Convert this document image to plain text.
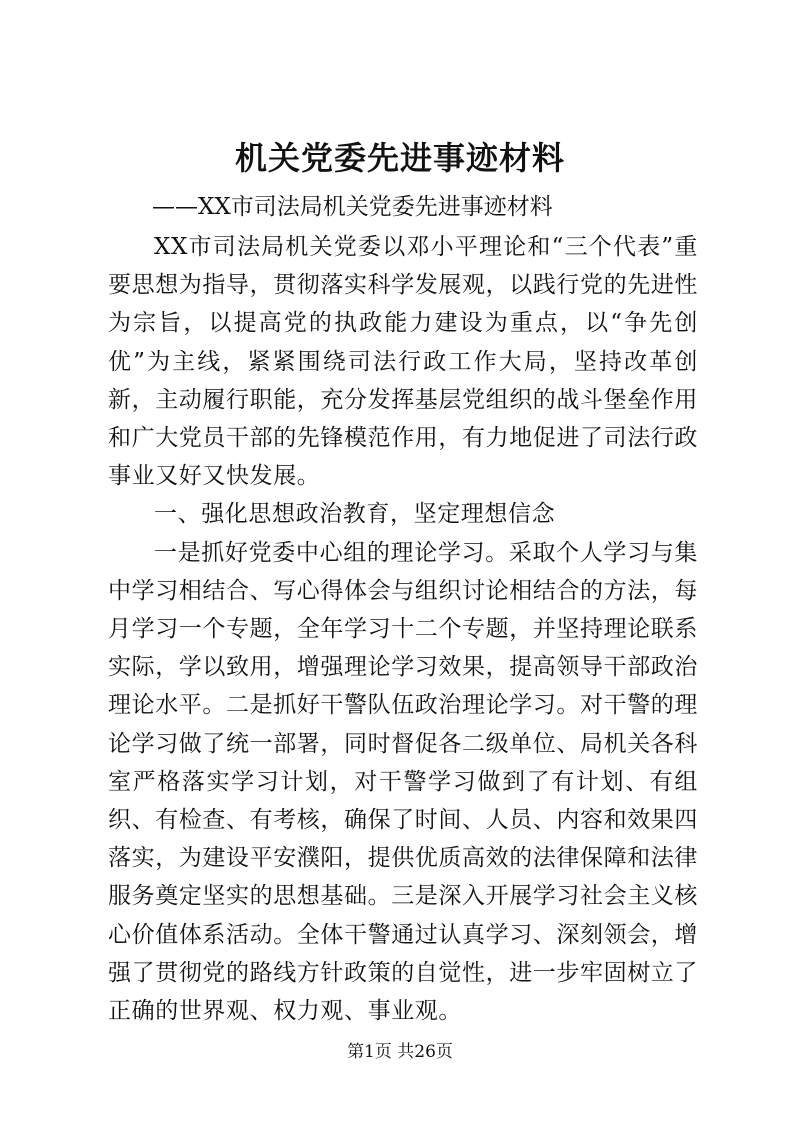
机关党委先进事迹材料

——XX市司法局机关党委先进事迹材料

XX市司法局机关党委以邓小平理论和“三个代表”重要思想为指导，贯彻落实科学发展观，以践行党的先进性为宗旨，以提高党的执政能力建设为重点，以“争先创优”为主线，紧紧围绕司法行政工作大局，坚持改革创新，主动履行职能，充分发挥基层党组织的战斗堡垒作用和广大党员干部的先锋模范作用，有力地促进了司法行政事业又好又快发展。

一、强化思想政治教育，坚定理想信念

一是抓好党委中心组的理论学习。采取个人学习与集中学习相结合、写心得体会与组织讨论相结合的方法，每月学习一个专题，全年学习十二个专题，并坚持理论联系实际，学以致用，增强理论学习效果，提高领导干部政治理论水平。二是抓好干警队伍政治理论学习。对干警的理论学习做了统一部署，同时督促各二级单位、局机关各科室严格落实学习计划，对干警学习做到了有计划、有组织、有检查、有考核，确保了时间、人员、内容和效果四落实，为建设平安濮阳，提供优质高效的法律保障和法律服务奠定坚实的思想基础。三是深入开展学习社会主义核心价值体系活动。全体干警通过认真学习、深刻领会，增强了贯彻党的路线方针政策的自觉性，进一步牢固树立了正确的世界观、权力观、事业观。

第1页 共26页
